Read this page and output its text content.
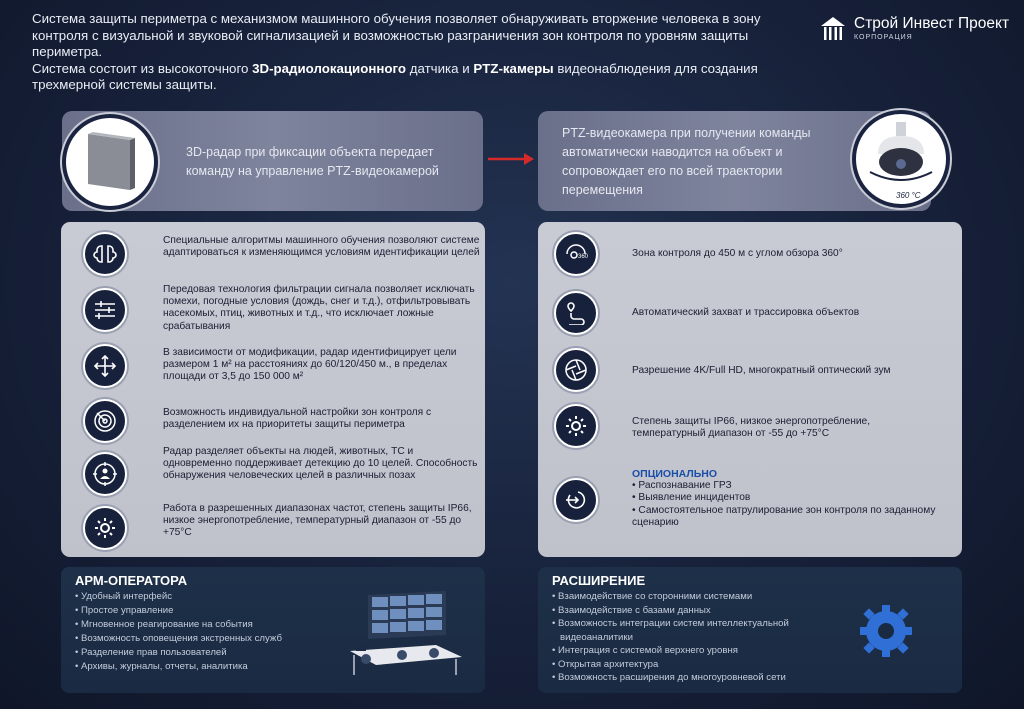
Система защиты периметра с механизмом машинного обучения позволяет обнаруживать вторжение человека в зону контроля с визуальной и звуковой сигнализацией и возможностью разграничения зон контроля по уровням защиты периметра.
Система состоит из высокоточного 3D-радиолокационного датчика и PTZ-камеры видеонаблюдения для создания трехмерной системы защиты.
Строй Инвест Проект
КОРПОРАЦИЯ
3D-радар при фиксации объекта передает команду на управление PTZ-видеокамерой
PTZ-видеокамера при получении команды автоматически наводится на объект и сопровождает его по всей траектории перемещения	360 °С
Специальные алгоритмы машинного обучения позволяют системе адаптироваться к изменяющимся условиям идентификации целей
Передовая технология фильтрации сигнала позволяет исключать помехи, погодные условия (дождь, снег и т.д.), отфильтровывать насекомых, птиц, животных и т.д., что исключает ложные срабатывания
В зависимости от модификации, радар идентифицирует цели размером 1 м² на расстояниях до 60/120/450 м., в пределах площади от 3,5 до 150 000 м²
Возможность индивидуальной настройки зон контроля с разделением их на приоритеты защиты периметра
Радар разделяет объекты на людей, животных, ТС и одновременно поддерживает детекцию до 10 целей. Способность обнаружения человеческих целей в различных позах
Работа в разрешенных диапазонах частот, степень защиты IP66, низкое энергопотребление, температурный диапазон от -55 до +75°С
360	Зона контроля до 450 м с углом обзора 360°
Автоматический захват и трассировка объектов
Разрешение 4K/Full HD, многократный оптический зум
Степень защиты IP66, низкое энергопотребление, температурный диапазон от -55 до +75°С
ОПЦИОНАЛЬНО
• Распознавание ГРЗ
• Выявление инцидентов
• Самостоятельное патрулирование зон контроля по заданному сценарию
АРМ-ОПЕРАТОРА
• Удобный интерфейс
• Простое управление
• Мгновенное реагирование на события
• Возможность оповещения экстренных служб
• Разделение прав пользователей
• Архивы, журналы, отчеты, аналитика
РАСШИРЕНИЕ
• Взаимодействие со сторонними системами
• Взаимодействие с базами данных
• Возможность интеграции систем интеллектуальной
видеоаналитики
• Интеграция с системой верхнего уровня
• Открытая архитектура
• Возможность расширения до многоуровневой сети
